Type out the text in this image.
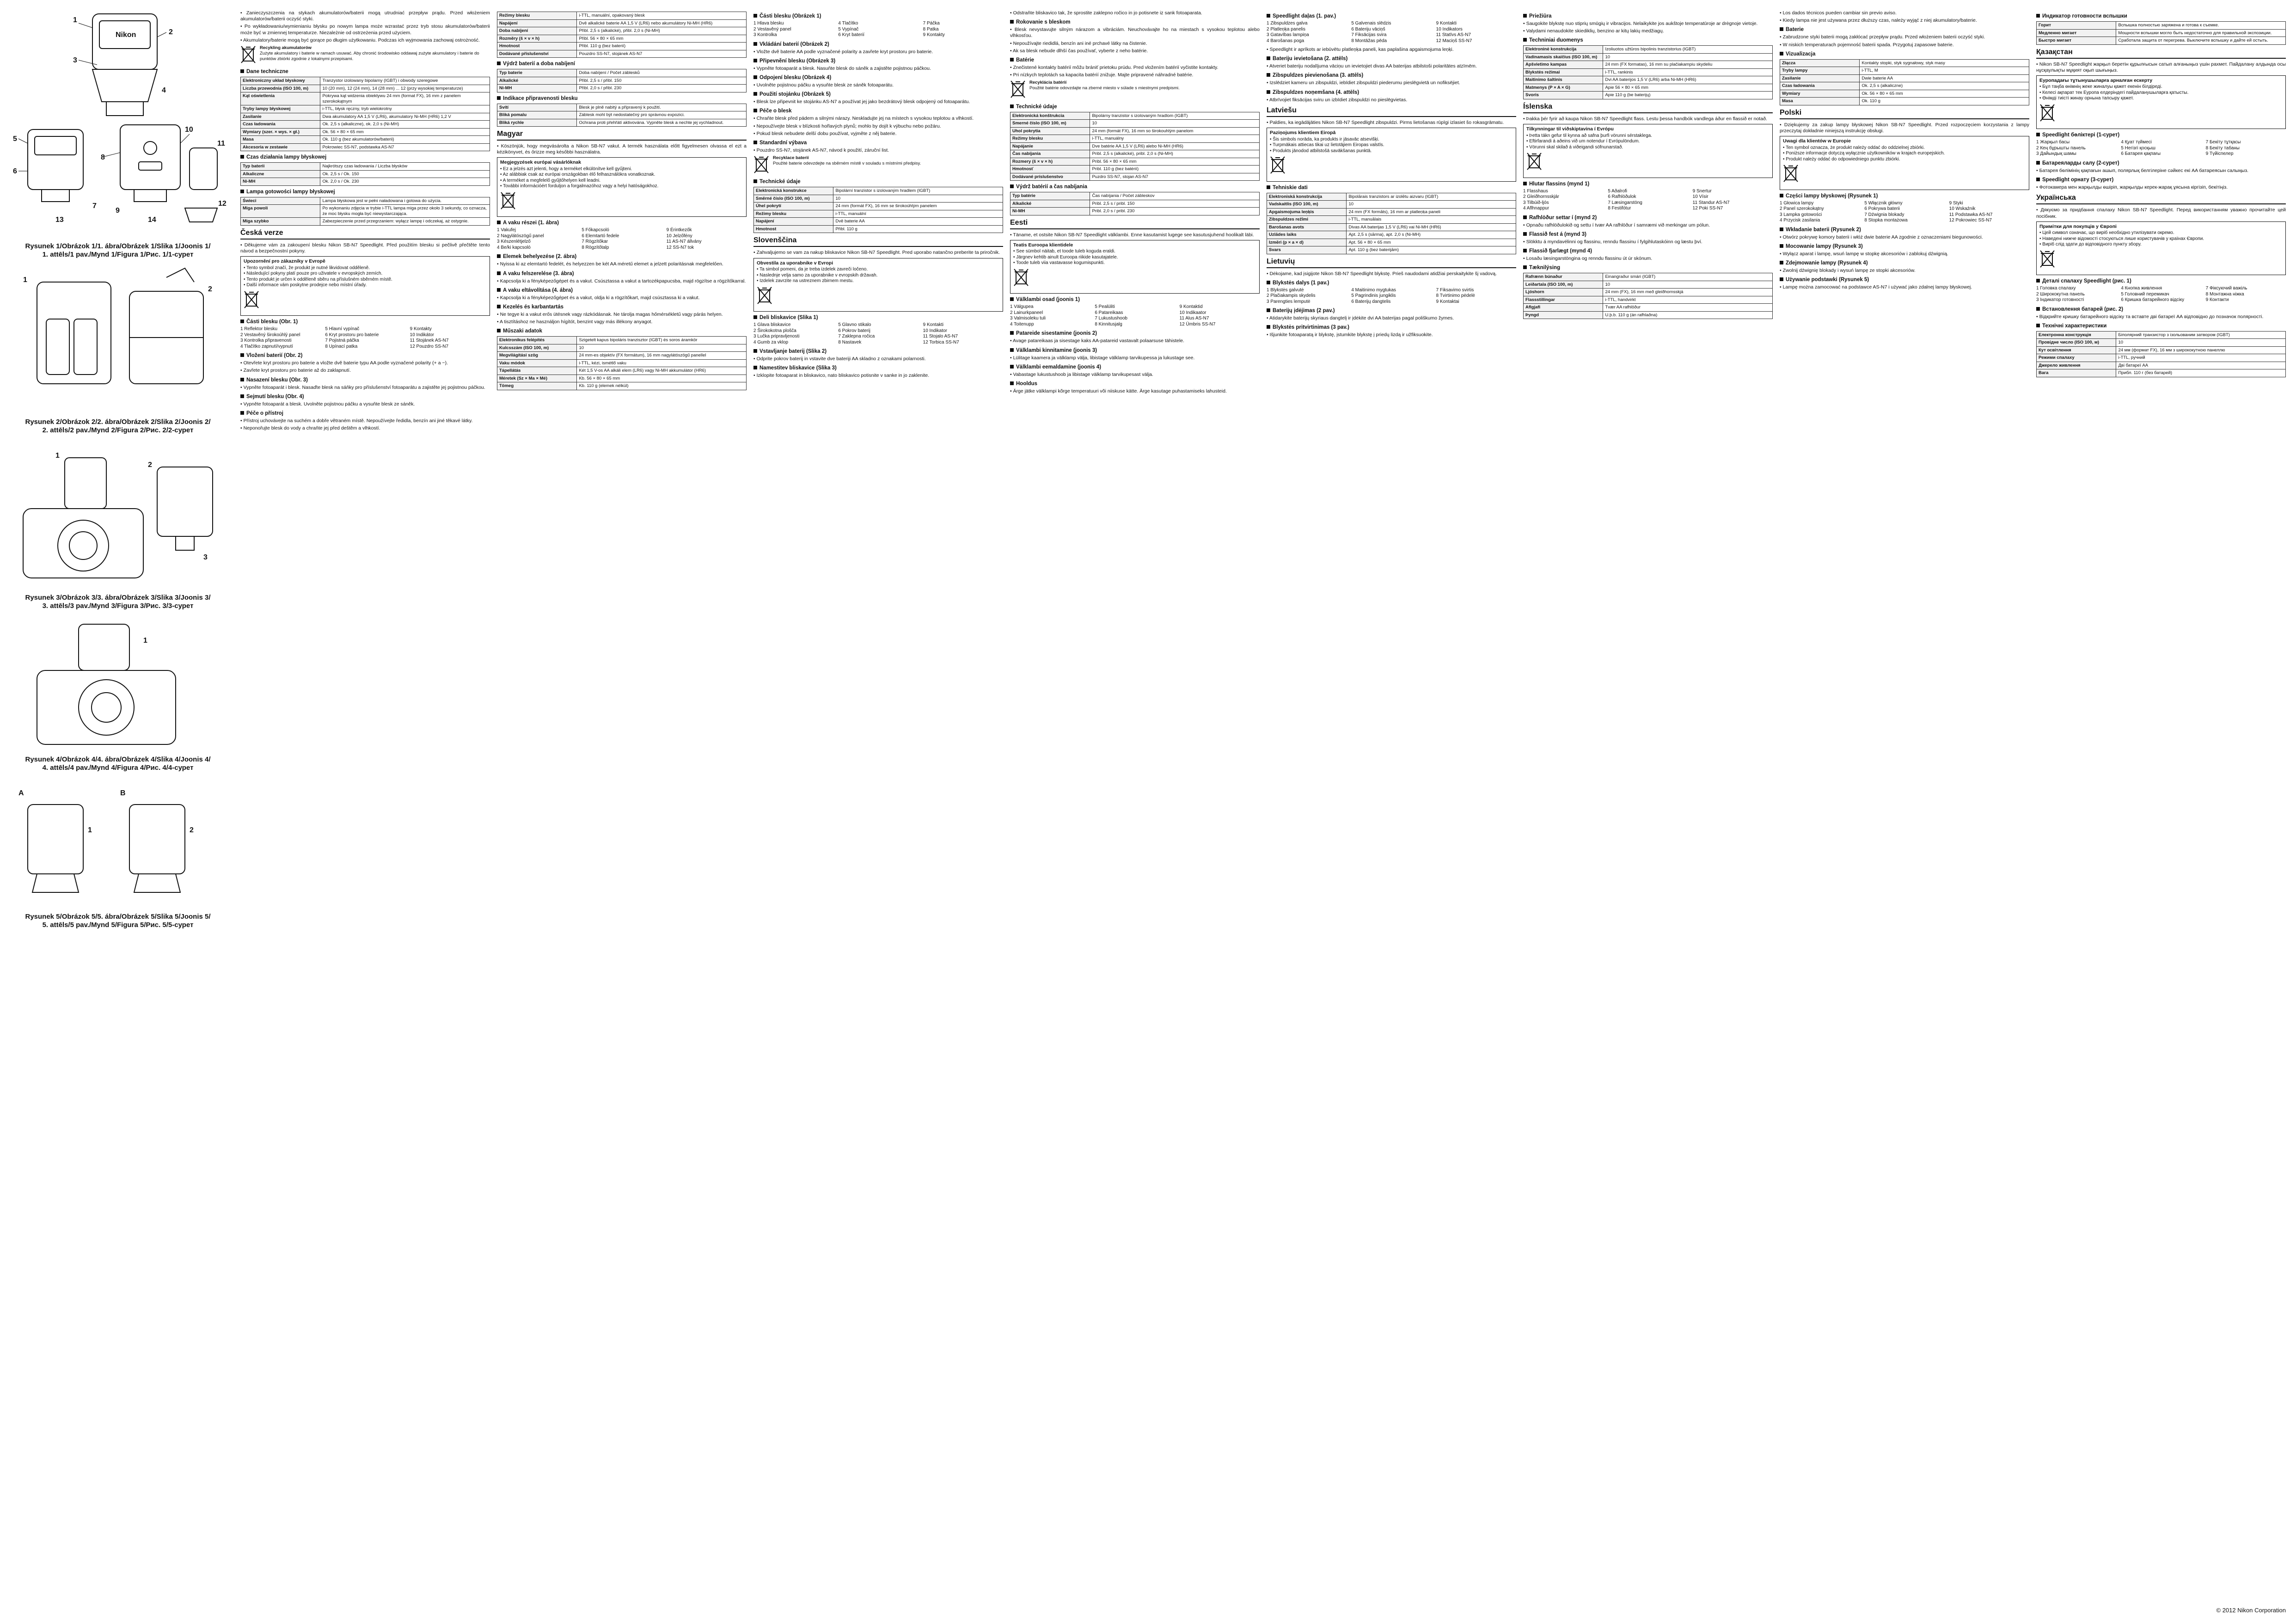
Nikon
1
2
3
4
5
6
7
8
9
10
11
12
13	14
Rysunek 1/Obrázok 1/1. ábra/Obrázek 1/Slika 1/Joonis 1/
1. attēls/1 pav./Mynd 1/Figura 1/Рис. 1/1-сурет
1
2
Rysunek 2/Obrázok 2/2. ábra/Obrázek 2/Slika 2/Joonis 2/
2. attēls/2 pav./Mynd 2/Figura 2/Рис. 2/2-сурет
1
2
3
Rysunek 3/Obrázok 3/3. ábra/Obrázek 3/Slika 3/Joonis 3/
3. attēls/3 pav./Mynd 3/Figura 3/Рис. 3/3-сурет
1
Rysunek 4/Obrázok 4/4. ábra/Obrázek 4/Slika 4/Joonis 4/
4. attēls/4 pav./Mynd 4/Figura 4/Рис. 4/4-сурет
A	B
1	2
Rysunek 5/Obrázok 5/5. ábra/Obrázek 5/Slika 5/Joonis 5/
5. attēls/5 pav./Mynd 5/Figura 5/Рис. 5/5-сурет
• Zanieczyszczenia na stykach akumulatorów/baterii mogą utrudniać przepływ prądu. Przed włożeniem akumulatorów/baterii oczyść styki.
• Po wykładowaniu/wymienianiu błysku po nowym lampa może wzrastać przez tryb stosu akumulatorów/baterii może być w zmiennej temperaturze. Niezależnie od ostrzeżenia przed użyciem.
• Akumulatory/baterie mogą być gorące po długim użytkowaniu. Podczas ich wyjmowania zachowaj ostrożność.
Recykling akumulatorów
Zużyte akumulatory i baterie w ramach usuwać. Aby chronić środowisko oddawaj zużyte akumulatory i baterie do punktów zbiórki zgodnie z lokalnymi przepisami.
Dane techniczne
Elektroniczny układ błyskowy	Tranzystor izolowany bipolarny (IGBT) i obwody szeregowe
Liczba przewodnia (ISO 100, m)	10 (20 mm), 12 (24 mm), 14 (28 mm) ... 12 (przy wysokiej temperaturze)
Kąt oświetlenia	Pokrywa kąt widzenia obiektywu 24 mm (format FX), 16 mm z panelem szerokokątnym
Tryby lampy błyskowej	i-TTL, błysk ręczny, tryb wielokrotny
Zasilanie	Dwa akumulatory AA 1,5 V (LR6), akumulatory Ni-MH (HR6) 1,2 V
Czas ładowania	Ok. 2,5 s (alkaliczne), ok. 2,0 s (Ni-MH)
Wymiary (szer. × wys. × gł.)	Ok. 56 × 80 × 65 mm
Masa	Ok. 110 g (bez akumulatorów/baterii)
Akcesoria w zestawie	Pokrowiec SS-N7, podstawka AS-N7
Czas działania lampy błyskowej
Typ baterii	Najkrótszy czas ładowania / Liczba błysków
Alkaliczne	Ok. 2,5 s / Ok. 150
Ni-MH	Ok. 2,0 s / Ok. 230
Lampa gotowości lampy błyskowej
Świeci	Lampa błyskowa jest w pełni naładowana i gotowa do użycia.
Miga powoli	Po wykonaniu zdjęcia w trybie i-TTL lampa miga przez około 3 sekundy, co oznacza, że moc błysku mogła być niewystarczająca.
Miga szybko	Zabezpieczenie przed przegrzaniem: wyłącz lampę i odczekaj, aż ostygnie.
Česká verze
• Děkujeme vám za zakoupení blesku Nikon SB-N7 Speedlight. Před použitím blesku si pečlivě přečtěte tento návod a bezpečnostní pokyny.
Upozornění pro zákazníky v Evropě
• Tento symbol značí, že produkt je nutné likvidovat odděleně.
• Následující pokyny platí pouze pro uživatele v evropských zemích.
• Tento produkt je určen k odděleně sběru na příslušném sběrném místě.
• Další informace vám poskytne prodejce nebo místní úřady.
Části blesku (Obr. 1)
1 Reflektor blesku
2 Vestavěný širokoúhlý panel
3 Kontrolka připravenosti
4 Tlačítko zapnutí/vypnutí
5 Hlavní vypínač
6 Kryt prostoru pro baterie
7 Pojistná páčka
8 Upínací patka
9 Kontakty
10 Indikátor
11 Stojánek AS-N7
12 Pouzdro SS-N7
Vložení baterií (Obr. 2)
• Otevřete kryt prostoru pro baterie a vložte dvě baterie typu AA podle vyznačené polarity (+ a −).
• Zavřete kryt prostoru pro baterie až do zaklapnutí.
Nasazení blesku (Obr. 3)
• Vypněte fotoaparát i blesk. Nasaďte blesk na sáňky pro příslušenství fotoaparátu a zajistěte jej pojistnou páčkou.
Sejmutí blesku (Obr. 4)
• Vypněte fotoaparát a blesk. Uvolněte pojistnou páčku a vysuňte blesk ze sáněk.
Péče o přístroj
• Přístroj uchovávejte na suchém a dobře větraném místě. Nepoužívejte ředidla, benzín ani jiné těkavé látky.
• Neponořujte blesk do vody a chraňte jej před deštěm a vlhkostí.
Režimy blesku	i-TTL, manuální, opakovaný blesk
Napájení	Dvě alkalické baterie AA 1,5 V (LR6) nebo akumulátory Ni-MH (HR6)
Doba nabíjení	Přibl. 2,5 s (alkalické), přibl. 2,0 s (Ni-MH)
Rozměry (š × v × h)	Přibl. 56 × 80 × 65 mm
Hmotnost	Přibl. 110 g (bez baterií)
Dodávané příslušenství	Pouzdro SS-N7, stojánek AS-N7
Výdrž baterií a doba nabíjení
Typ baterie	Doba nabíjení / Počet záblesků
Alkalické	Přibl. 2,5 s / přibl. 150
Ni-MH	Přibl. 2,0 s / přibl. 230
Indikace připravenosti blesku
Svítí	Blesk je plně nabitý a připravený k použití.
Bliká pomalu	Záblesk mohl být nedostatečný pro správnou expozici.
Bliká rychle	Ochrana proti přehřátí aktivována. Vypněte blesk a nechte jej vychladnout.
Magyar
• Köszönjük, hogy megvásárolta a Nikon SB-N7 vakut. A termék használata előtt figyelmesen olvassa el ezt a kézikönyvet, és őrizze meg későbbi használatra.
Megjegyzések európai vásárlóknak
• Ez a jelzés azt jelenti, hogy a terméket elkülönítve kell gyűjteni.
• Az alábbiak csak az európai országokban élő felhasználókra vonatkoznak.
• A terméket a megfelelő gyűjtőhelyen kell leadni.
• További információért forduljon a forgalmazóhoz vagy a helyi hatóságokhoz.
A vaku részei (1. ábra)
1 Vakufej
2 Nagylátószögű panel
3 Készenlétjelző
4 Be/ki kapcsoló
5 Főkapcsoló
6 Elemtartó fedele
7 Rögzítőkar
8 Rögzítőtalp
9 Érintkezők
10 Jelzőfény
11 AS-N7 állvány
12 SS-N7 tok
Elemek behelyezése (2. ábra)
• Nyissa ki az elemtartó fedelét, és helyezzen be két AA méretű elemet a jelzett polaritásnak megfelelően.
A vaku felszerelése (3. ábra)
• Kapcsolja ki a fényképezőgépet és a vakut. Csúsztassa a vakut a tartozékpapucsba, majd rögzítse a rögzítőkarral.
A vaku eltávolítása (4. ábra)
• Kapcsolja ki a fényképezőgépet és a vakut, oldja ki a rögzítőkart, majd csúsztassa ki a vakut.
Kezelés és karbantartás
• Ne tegye ki a vakut erős ütésnek vagy rázkódásnak. Ne tárolja magas hőmérsékletű vagy párás helyen.
• A tisztításhoz ne használjon hígítót, benzint vagy más illékony anyagot.
Műszaki adatok
Elektronikus felépítés	Szigetelt kapus bipoláris tranzisztor (IGBT) és soros áramkör
Kulcsszám (ISO 100, m)	10
Megvilágítási szög	24 mm-es objektív (FX formátum), 16 mm nagylátószögű panellel
Vaku módok	i-TTL, kézi, ismétlő vaku
Tápellátás	Két 1,5 V-os AA alkáli elem (LR6) vagy Ni-MH akkumulátor (HR6)
Méretek (Sz × Ma × Mé)	Kb. 56 × 80 × 65 mm
Tömeg	Kb. 110 g (elemek nélkül)
Části blesku (Obrázek 1)
1 Hlava blesku
2 Vestavěný panel
3 Kontrolka
4 Tlačítko
5 Vypínač
6 Kryt baterií
7 Páčka
8 Patka
9 Kontakty
Vkládání baterií (Obrázek 2)
• Vložte dvě baterie AA podle vyznačené polarity a zavřete kryt prostoru pro baterie.
Připevnění blesku (Obrázek 3)
• Vypněte fotoaparát a blesk. Nasuňte blesk do sáněk a zajistěte pojistnou páčkou.
Odpojení blesku (Obrázek 4)
• Uvolněte pojistnou páčku a vysuňte blesk ze sáněk fotoaparátu.
Použití stojánku (Obrázek 5)
• Blesk lze připevnit ke stojánku AS-N7 a používat jej jako bezdrátový blesk odpojený od fotoaparátu.
Péče o blesk
• Chraňte blesk před pádem a silnými nárazy. Neskladujte jej na místech s vysokou teplotou a vlhkostí.
• Nepoužívejte blesk v blízkosti hořlavých plynů; mohlo by dojít k výbuchu nebo požáru.
• Pokud blesk nebudete delší dobu používat, vyjměte z něj baterie.
Standardní výbava
• Pouzdro SS-N7, stojánek AS-N7, návod k použití, záruční list.
Recyklace baterií
Použité baterie odevzdejte na sběrném místě v souladu s místními předpisy.
Technické údaje
Elektronická konstrukce	Bipolární tranzistor s izolovaným hradlem (IGBT)
Směrné číslo (ISO 100, m)	10
Úhel pokrytí	24 mm (formát FX), 16 mm se širokoúhlým panelem
Režimy blesku	i-TTL, manuální
Napájení	Dvě baterie AA
Hmotnost	Přibl. 110 g
Slovenščina
• Zahvaljujemo se vam za nakup bliskavice Nikon SB-N7 Speedlight. Pred uporabo natančno preberite ta priročnik.
Obvestila za uporabnike v Evropi
• Ta simbol pomeni, da je treba izdelek zavreči ločeno.
• Naslednje velja samo za uporabnike v evropskih državah.
• Izdelek zavrzite na ustreznem zbirnem mestu.
Deli bliskavice (Slika 1)
1 Glava bliskavice
2 Širokokotna plošča
3 Lučka pripravljenosti
4 Gumb za vklop
5 Glavno stikalo
6 Pokrov baterij
7 Zaklepna ročica
8 Nastavek
9 Kontakti
10 Indikator
11 Stojalo AS-N7
12 Torbica SS-N7
Vstavljanje baterij (Slika 2)
• Odprite pokrov baterij in vstavite dve bateriji AA skladno z oznakami polarnosti.
Namestitev bliskavice (Slika 3)
• Izklopite fotoaparat in bliskavico, nato bliskavico potisnite v sanke in jo zaklenite.
• Odstraňte bliskavico tak, že sprostite zaklepno ročico in jo potisnete iz sank fotoaparata.
Rokovanie s bleskom
• Blesk nevystavujte silným nárazom a vibráciám. Neuchovávajte ho na miestach s vysokou teplotou alebo vlhkosťou.
• Nepoužívajte riedidlá, benzín ani iné prchavé látky na čistenie.
• Ak sa blesk nebude dlhší čas používať, vyberte z neho batérie.
Batérie
• Znečistené kontakty batérií môžu brániť prietoku prúdu. Pred vložením batérií vyčistite kontakty.
• Pri nízkych teplotách sa kapacita batérií znižuje. Majte pripravené náhradné batérie.
Recyklácia batérií
Použité batérie odovzdajte na zberné miesto v súlade s miestnymi predpismi.
Technické údaje
Elektronická konštrukcia	Bipolárny tranzistor s izolovaným hradlom (IGBT)
Smerné číslo (ISO 100, m)	10
Uhol pokrytia	24 mm (formát FX), 16 mm so širokouhlým panelom
Režimy blesku	i-TTL, manuálny
Napájanie	Dve batérie AA 1,5 V (LR6) alebo Ni-MH (HR6)
Čas nabíjania	Pribl. 2,5 s (alkalické), pribl. 2,0 s (Ni-MH)
Rozmery (š × v × h)	Pribl. 56 × 80 × 65 mm
Hmotnosť	Pribl. 110 g (bez batérií)
Dodávané príslušenstvo	Puzdro SS-N7, stojan AS-N7
Výdrž batérií a čas nabíjania
Typ batérie	Čas nabíjania / Počet zábleskov
Alkalické	Pribl. 2,5 s / pribl. 150
Ni-MH	Pribl. 2,0 s / pribl. 230
Eesti
• Täname, et ostsite Nikon SB-N7 Speedlight välklambi. Enne kasutamist lugege see kasutusjuhend hoolikalt läbi.
Teatis Euroopa klientidele
• See sümbol näitab, et toode tuleb koguda eraldi.
• Järgnev kehtib ainult Euroopa riikide kasutajatele.
• Toode tuleb viia vastavasse kogumispunkti.
Välklambi osad (joonis 1)
1 Välgupea
2 Lainurkpaneel
3 Valmisoleku tuli
4 Toitenupp
5 Pealüliti
6 Patareikaas
7 Lukustushoob
8 Kinnitusjalg
9 Kontaktid
10 Indikaator
11 Alus AS-N7
12 Ümbris SS-N7
Patareide sisestamine (joonis 2)
• Avage patareikaas ja sisestage kaks AA-patareid vastavalt polaarsuse tähistele.
Välklambi kinnitamine (joonis 3)
• Lülitage kaamera ja välklamp välja, libistage välklamp tarvikupessa ja lukustage see.
Välklambi eemaldamine (joonis 4)
• Vabastage lukustushoob ja libistage välklamp tarvikupesast välja.
Hooldus
• Ärge jätke välklampi kõrge temperatuuri või niiskuse kätte. Ärge kasutage puhastamiseks lahusteid.
Speedlight daļas (1. pav.)
1 Zibspuldzes galva
2 Platleņķa panelis
3 Gatavības lampiņa
4 Barošanas poga
5 Galvenais slēdzis
6 Bateriju vāciņš
7 Fiksācijas svira
8 Montāžas pēda
9 Kontakti
10 Indikators
11 Statīvs AS-N7
12 Maciņš SS-N7
• Speedlight ir aprīkots ar iebūvētu platleņķa paneli, kas paplašina apgaismojuma leņķi.
Bateriju ievietošana (2. attēls)
• Atveriet bateriju nodalījuma vāciņu un ievietojiet divas AA baterijas atbilstoši polaritātes atzīmēm.
Zibspuldzes pievienošana (3. attēls)
• Izslēdziet kameru un zibspuldzi, iebīdiet zibspuldzi piederumu pieslēgvietā un nofiksējiet.
Zibspuldzes noņemšana (4. attēls)
• Atbrīvojiet fiksācijas sviru un izbīdiet zibspuldzi no pieslēgvietas.
Latviešu
• Paldies, ka iegādājāties Nikon SB-N7 Speedlight zibspuldzi. Pirms lietošanas rūpīgi izlasiet šo rokasgrāmatu.
Paziņojums klientiem Eiropā
• Šis simbols norāda, ka produkts ir jāsavāc atsevišķi.
• Turpmākais attiecas tikai uz lietotājiem Eiropas valstīs.
• Produkts jānodod atbilstošā savākšanas punktā.
Tehniskie dati
Elektroniskā konstrukcija	Bipolārais tranzistors ar izolētu aizvaru (IGBT)
Vadskaitlis (ISO 100, m)	10
Apgaismojuma leņķis	24 mm (FX formāts), 16 mm ar platleņķa paneli
Zibspuldzes režīmi	i-TTL, manuālais
Barošanas avots	Divas AA baterijas 1,5 V (LR6) vai Ni-MH (HR6)
Uzlādes laiks	Apt. 2,5 s (sārma), apt. 2,0 s (Ni-MH)
Izmēri (p × a × d)	Apt. 56 × 80 × 65 mm
Svars	Apt. 110 g (bez baterijām)
Lietuvių
• Dėkojame, kad įsigijote Nikon SB-N7 Speedlight blykstę. Prieš naudodami atidžiai perskaitykite šį vadovą.
Blykstės dalys (1 pav.)
1 Blykstės galvutė
2 Plačiakampis skydelis
3 Parengties lemputė
4 Maitinimo mygtukas
5 Pagrindinis jungiklis
6 Baterijų dangtelis
7 Fiksavimo svirtis
8 Tvirtinimo pėdelė
9 Kontaktai
Baterijų įdėjimas (2 pav.)
• Atidarykite baterijų skyriaus dangtelį ir įdėkite dvi AA baterijas pagal poliškumo žymes.
Blykstės pritvirtinimas (3 pav.)
• Išjunkite fotoaparatą ir blykstę, įstumkite blykstę į priedų lizdą ir užfiksuokite.
Priežiūra
• Saugokite blykstę nuo stiprių smūgių ir vibracijos. Nelaikykite jos aukštoje temperatūroje ar drėgnoje vietoje.
• Valydami nenaudokite skiediklių, benzino ar kitų lakių medžiagų.
Techniniai duomenys
Elektroninė konstrukcija	Izoliuotos užtūros bipolinis tranzistorius (IGBT)
Vadinamasis skaičius (ISO 100, m)	10
Apšvietimo kampas	24 mm (FX formatas), 16 mm su plačiakampiu skydeliu
Blykstės režimai	i-TTL, rankinis
Maitinimo šaltinis	Dvi AA baterijos 1,5 V (LR6) arba Ni-MH (HR6)
Matmenys (P × A × G)	Apie 56 × 80 × 65 mm
Svoris	Apie 110 g (be baterijų)
Íslenska
• Þakka þér fyrir að kaupa Nikon SB-N7 Speedlight flass. Lestu þessa handbók vandlega áður en flassið er notað.
Tilkynningar til viðskiptavina í Evrópu
• Þetta tákn gefur til kynna að safna þurfi vörunni sérstaklega.
• Eftirfarandi á aðeins við um notendur í Evrópulöndum.
• Vörunni skal skilað á viðeigandi söfnunarstað.
Hlutar flassins (mynd 1)
1 Flasshaus
2 Gleiðhornsskjár
3 Tilbúið-ljós
4 Aflhnappur
5 Aðalrofi
6 Rafhlöðulok
7 Læsingarstöng
8 Festifótur
9 Snertur
10 Vísir
11 Standur AS-N7
12 Poki SS-N7
Rafhlöður settar í (mynd 2)
• Opnaðu rafhlöðulokið og settu í tvær AA rafhlöður í samræmi við merkingar um pólun.
Flassið fest á (mynd 3)
• Slökktu á myndavélinni og flassinu, renndu flassinu í fylgihlutaskóinn og læstu því.
Flassið fjarlægt (mynd 4)
• Losaðu læsingarstöngina og renndu flassinu út úr skónum.
Tæknilýsing
Rafrænn búnaður	Einangraður smári (IGBT)
Leiðartala (ISO 100, m)	10
Ljóshorn	24 mm (FX), 16 mm með gleiðhornsskjá
Flassstillingar	i-TTL, handvirkt
Aflgjafi	Tvær AA rafhlöður
Þyngd	U.þ.b. 110 g (án rafhlaðna)
• Los dados técnicos pueden cambiar sin previo aviso.
• Kiedy lampa nie jest używana przez dłuższy czas, należy wyjąć z niej akumulatory/baterie.
Baterie
• Zabrudzone styki baterii mogą zakłócać przepływ prądu. Przed włożeniem baterii oczyść styki.
• W niskich temperaturach pojemność baterii spada. Przygotuj zapasowe baterie.
Vizualizacja
Złącza	Kontakty stopki, styk sygnałowy, styk masy
Tryby lampy	i-TTL, M
Zasilanie	Dwie baterie AA
Czas ładowania	Ok. 2,5 s (alkaliczne)
Wymiary	Ok. 56 × 80 × 65 mm
Masa	Ok. 110 g
Polski
• Dziękujemy za zakup lampy błyskowej Nikon SB-N7 Speedlight. Przed rozpoczęciem korzystania z lampy przeczytaj dokładnie niniejszą instrukcję obsługi.
Uwagi dla klientów w Europie
• Ten symbol oznacza, że produkt należy oddać do oddzielnej zbiórki.
• Poniższe informacje dotyczą wyłącznie użytkowników w krajach europejskich.
• Produkt należy oddać do odpowiedniego punktu zbiórki.
Części lampy błyskowej (Rysunek 1)
1 Głowica lampy
2 Panel szerokokątny
3 Lampka gotowości
4 Przycisk zasilania
5 Włącznik główny
6 Pokrywa baterii
7 Dźwignia blokady
8 Stopka montażowa
9 Styki
10 Wskaźnik
11 Podstawka AS-N7
12 Pokrowiec SS-N7
Wkładanie baterii (Rysunek 2)
• Otwórz pokrywę komory baterii i włóż dwie baterie AA zgodnie z oznaczeniami biegunowości.
Mocowanie lampy (Rysunek 3)
• Wyłącz aparat i lampę, wsuń lampę w stopkę akcesoriów i zablokuj dźwignią.
Zdejmowanie lampy (Rysunek 4)
• Zwolnij dźwignię blokady i wysuń lampę ze stopki akcesoriów.
Używanie podstawki (Rysunek 5)
• Lampę można zamocować na podstawce AS-N7 i używać jako zdalnej lampy błyskowej.
Индикатор готовности вспышки
Горит	Вспышка полностью заряжена и готова к съемке.
Медленно мигает	Мощности вспышки могло быть недостаточно для правильной экспозиции.
Быстро мигает	Сработала защита от перегрева. Выключите вспышку и дайте ей остыть.
Қазақстан
• Nikon SB-N7 Speedlight жарқыл беретін құрылғысын сатып алғаныңыз үшін рахмет. Пайдалану алдында осы нұсқаулықты мұқият оқып шығыңыз.
Еуропадағы тұтынушыларға арналған ескерту
• Бұл таңба өнімнің жеке жиналуы қажет екенін білдіреді.
• Келесі ақпарат тек Еуропа елдеріндегі пайдаланушыларға қатысты.
• Өнімді тиісті жинау орнына тапсыру қажет.
Speedlight бөліктері (1-сурет)
1 Жарқыл басы
2 Кең бұрышты панель
3 Дайындық шамы
4 Қуат түймесі
5 Негізгі қосқыш
6 Батарея қақпағы
7 Бекіту тұтқасы
8 Бекіту табаны
9 Түйіспелер
Батареяларды салу (2-сурет)
• Батарея бөлімінің қақпағын ашып, полярлық белгілеріне сәйкес екі AA батареясын салыңыз.
Speedlight орнату (3-сурет)
• Фотокамера мен жарқылды өшіріп, жарқылды керек-жарақ ұясына кіргізіп, бекітіңіз.
Українська
• Дякуємо за придбання спалаху Nikon SB-N7 Speedlight. Перед використанням уважно прочитайте цей посібник.
Примітки для покупців у Європі
• Цей символ означає, що виріб необхідно утилізувати окремо.
• Наведені нижче відомості стосуються лише користувачів у країнах Європи.
• Виріб слід здати до відповідного пункту збору.
Деталі спалаху Speedlight (рис. 1)
1 Головка спалаху
2 Ширококутна панель
3 Індикатор готовності
4 Кнопка живлення
5 Головний перемикач
6 Кришка батарейного відсіку
7 Фіксуючий важіль
8 Монтажна ніжка
9 Контакти
Встановлення батарей (рис. 2)
• Відкрийте кришку батарейного відсіку та вставте дві батареї АА відповідно до позначок полярності.
Технічні характеристики
Електронна конструкція	Біполярний транзистор з ізольованим затвором (IGBT)
Провідне число (ISO 100, м)	10
Кут освітлення	24 мм (формат FX), 16 мм з ширококутною панеллю
Режими спалаху	i-TTL, ручний
Джерело живлення	Дві батареї АА
Вага	Прибл. 110 г (без батарей)
© 2012 Nikon Corporation
